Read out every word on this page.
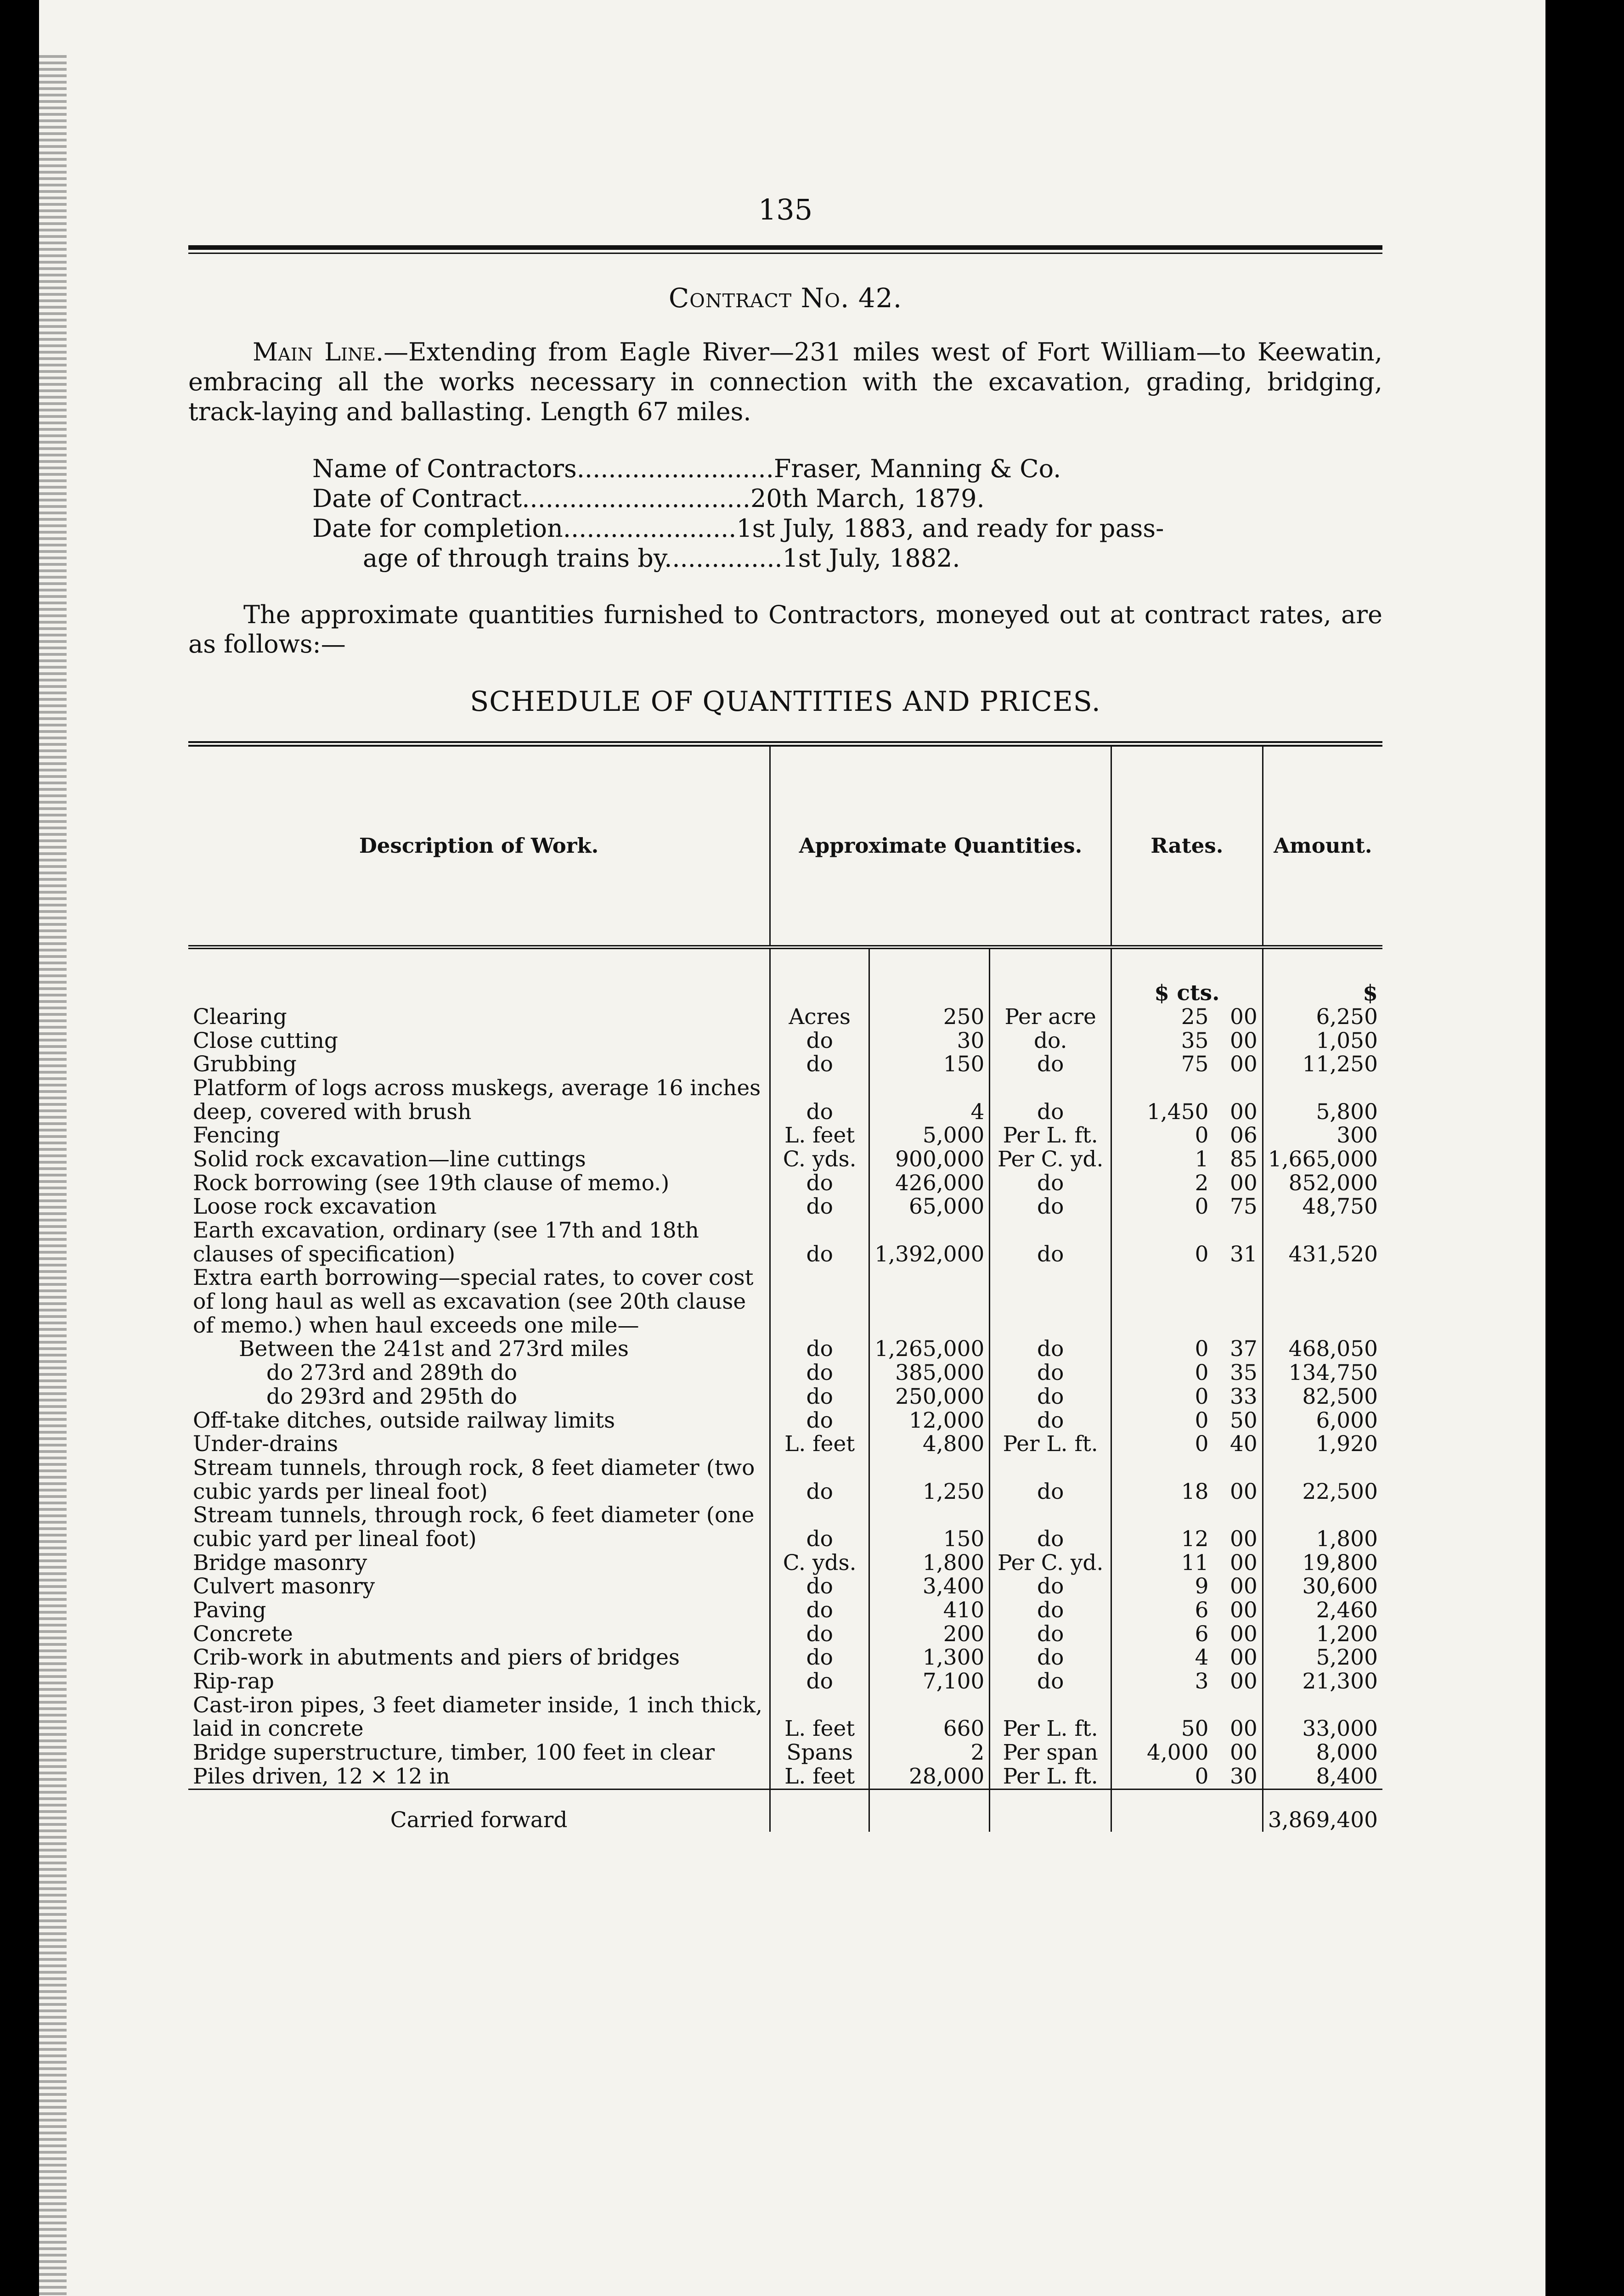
135
Contract No. 42.

Main Line.—Extending from Eagle River—231 miles west of Fort William—to Keewatin, embracing all the works necessary in connection with the excavation, grading, bridging, track-laying and ballasting. Length 67 miles.

Name of Contractors.........................Fraser, Manning & Co.
Date of Contract.............................20th March, 1879.
Date for completion......................1st July, 1883, and ready for pass-
age of through trains by...............1st July, 1882.

The approximate quantities furnished to Contractors, moneyed out at contract rates, are as follows:—

SCHEDULE OF QUANTITIES AND PRICES.
Description of Work.	Approximate Quantities.			Rates.		Amount.
				$ cts.		$
Clearing	Acres	250	Per acre	25	00	6,250
Close cutting	do	30	do.	35	00	1,050
Grubbing	do	150	do	75	00	11,250
Platform of logs across muskegs, average 16 inches deep, covered with brush	do	4	do	1,450	00	5,800
Fencing	L. feet	5,000	Per L. ft.	0	06	300
Solid rock excavation—line cuttings	C. yds.	900,000	Per C. yd.	1	85	1,665,000
Rock borrowing (see 19th clause of memo.)	do	426,000	do	2	00	852,000
Loose rock excavation	do	65,000	do	0	75	48,750
Earth excavation, ordinary (see 17th and 18th clauses of specification)	do	1,392,000	do	0	31	431,520
Extra earth borrowing—special rates, to cover cost of long haul as well as excavation (see 20th clause of memo.) when haul exceeds one mile—						
Between the 241st and 273rd miles	do	1,265,000	do	0	37	468,050
do 273rd and 289th do	do	385,000	do	0	35	134,750
do 293rd and 295th do	do	250,000	do	0	33	82,500
Off-take ditches, outside railway limits	do	12,000	do	0	50	6,000
Under-drains	L. feet	4,800	Per L. ft.	0	40	1,920
Stream tunnels, through rock, 8 feet diameter (two cubic yards per lineal foot)	do	1,250	do	18	00	22,500
Stream tunnels, through rock, 6 feet diameter (one cubic yard per lineal foot)	do	150	do	12	00	1,800
Bridge masonry	C. yds.	1,800	Per C. yd.	11	00	19,800
Culvert masonry	do	3,400	do	9	00	30,600
Paving	do	410	do	6	00	2,460
Concrete	do	200	do	6	00	1,200
Crib-work in abutments and piers of bridges	do	1,300	do	4	00	5,200
Rip-rap	do	7,100	do	3	00	21,300
Cast-iron pipes, 3 feet diameter inside, 1 inch thick, laid in concrete	L. feet	660	Per L. ft.	50	00	33,000
Bridge superstructure, timber, 100 feet in clear	Spans	2	Per span	4,000	00	8,000
Piles driven, 12 × 12 in	L. feet	28,000	Per L. ft.	0	30	8,400
Carried forward						3,869,400
